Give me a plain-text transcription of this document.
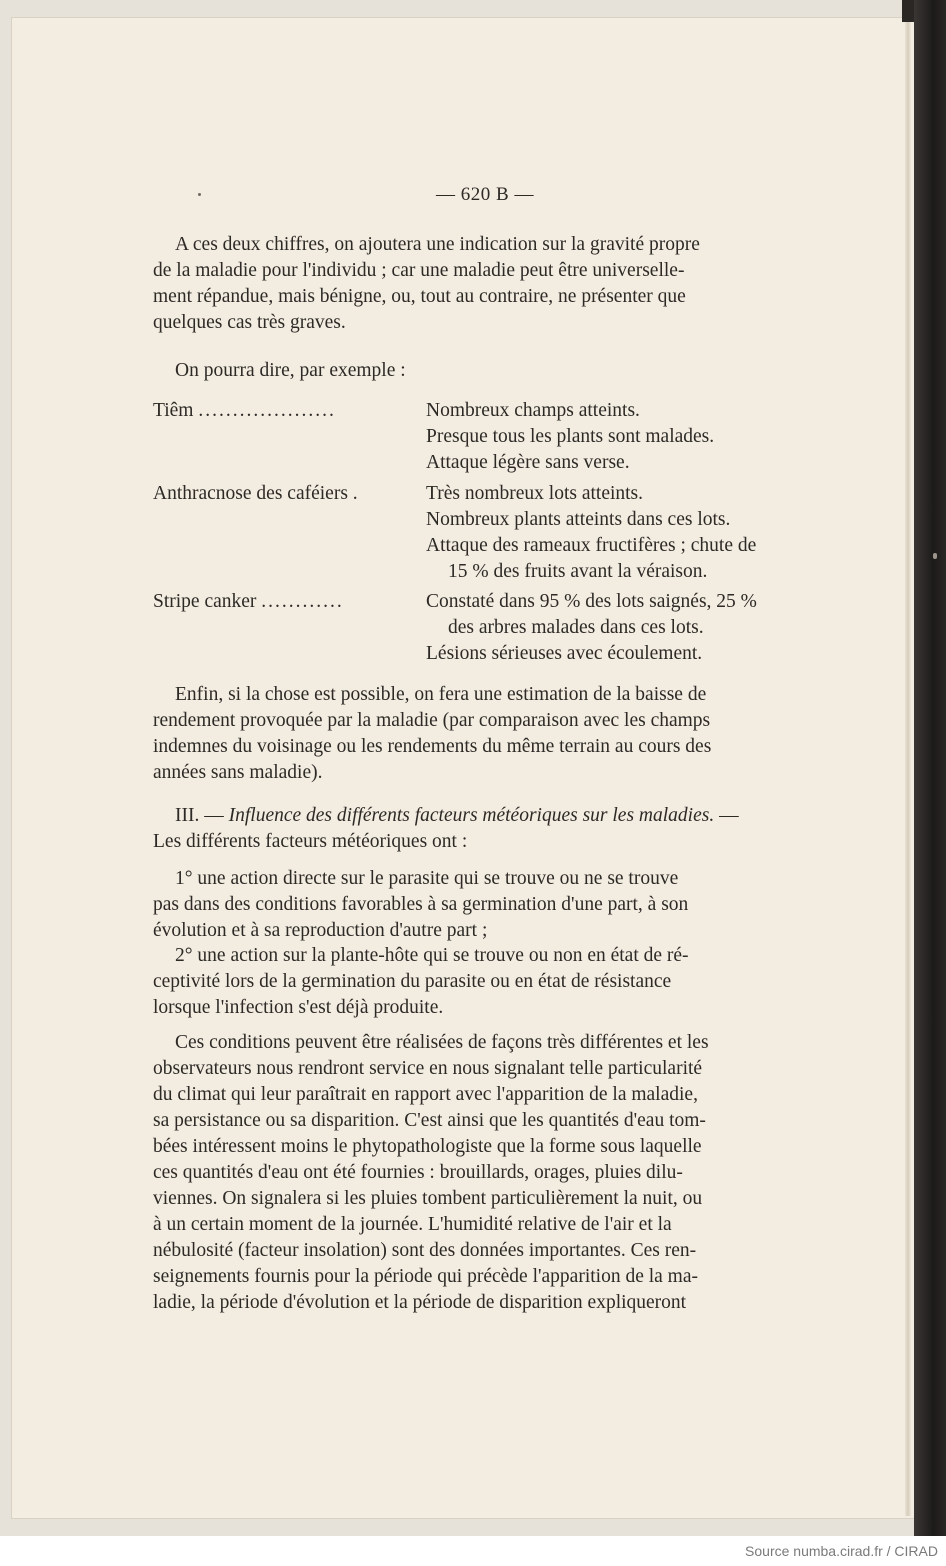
— 620 B —
A ces deux chiffres, on ajoutera une indication sur la gravité propre
de la maladie pour l'individu ; car une maladie peut être universelle-
ment répandue, mais bénigne, ou, tout au contraire, ne présenter que
quelques cas très graves.
On pourra dire, par exemple :
Tiêm ....................	Nombreux champs atteints.
Presque tous les plants sont malades.
Attaque légère sans verse.
Anthracnose des caféiers .	Très nombreux lots atteints.
Nombreux plants atteints dans ces lots.
Attaque des rameaux fructifères ; chute de
15 % des fruits avant la véraison.
Stripe canker ............	Constaté dans 95 % des lots saignés, 25 %
des arbres malades dans ces lots.
Lésions sérieuses avec écoulement.
Enfin, si la chose est possible, on fera une estimation de la baisse de
rendement provoquée par la maladie (par comparaison avec les champs
indemnes du voisinage ou les rendements du même terrain au cours des
années sans maladie).
III. — Influence des différents facteurs météoriques sur les maladies. —
Les différents facteurs météoriques ont :
1° une action directe sur le parasite qui se trouve ou ne se trouve
pas dans des conditions favorables à sa germination d'une part, à son
évolution et à sa reproduction d'autre part ;
2° une action sur la plante-hôte qui se trouve ou non en état de ré-
ceptivité lors de la germination du parasite ou en état de résistance
lorsque l'infection s'est déjà produite.
Ces conditions peuvent être réalisées de façons très différentes et les
observateurs nous rendront service en nous signalant telle particularité
du climat qui leur paraîtrait en rapport avec l'apparition de la maladie,
sa persistance ou sa disparition. C'est ainsi que les quantités d'eau tom-
bées intéressent moins le phytopathologiste que la forme sous laquelle
ces quantités d'eau ont été fournies : brouillards, orages, pluies dilu-
viennes. On signalera si les pluies tombent particulièrement la nuit, ou
à un certain moment de la journée. L'humidité relative de l'air et la
nébulosité (facteur insolation) sont des données importantes. Ces ren-
seignements fournis pour la période qui précède l'apparition de la ma-
ladie, la période d'évolution et la période de disparition expliqueront
Source numba.cirad.fr / CIRAD
